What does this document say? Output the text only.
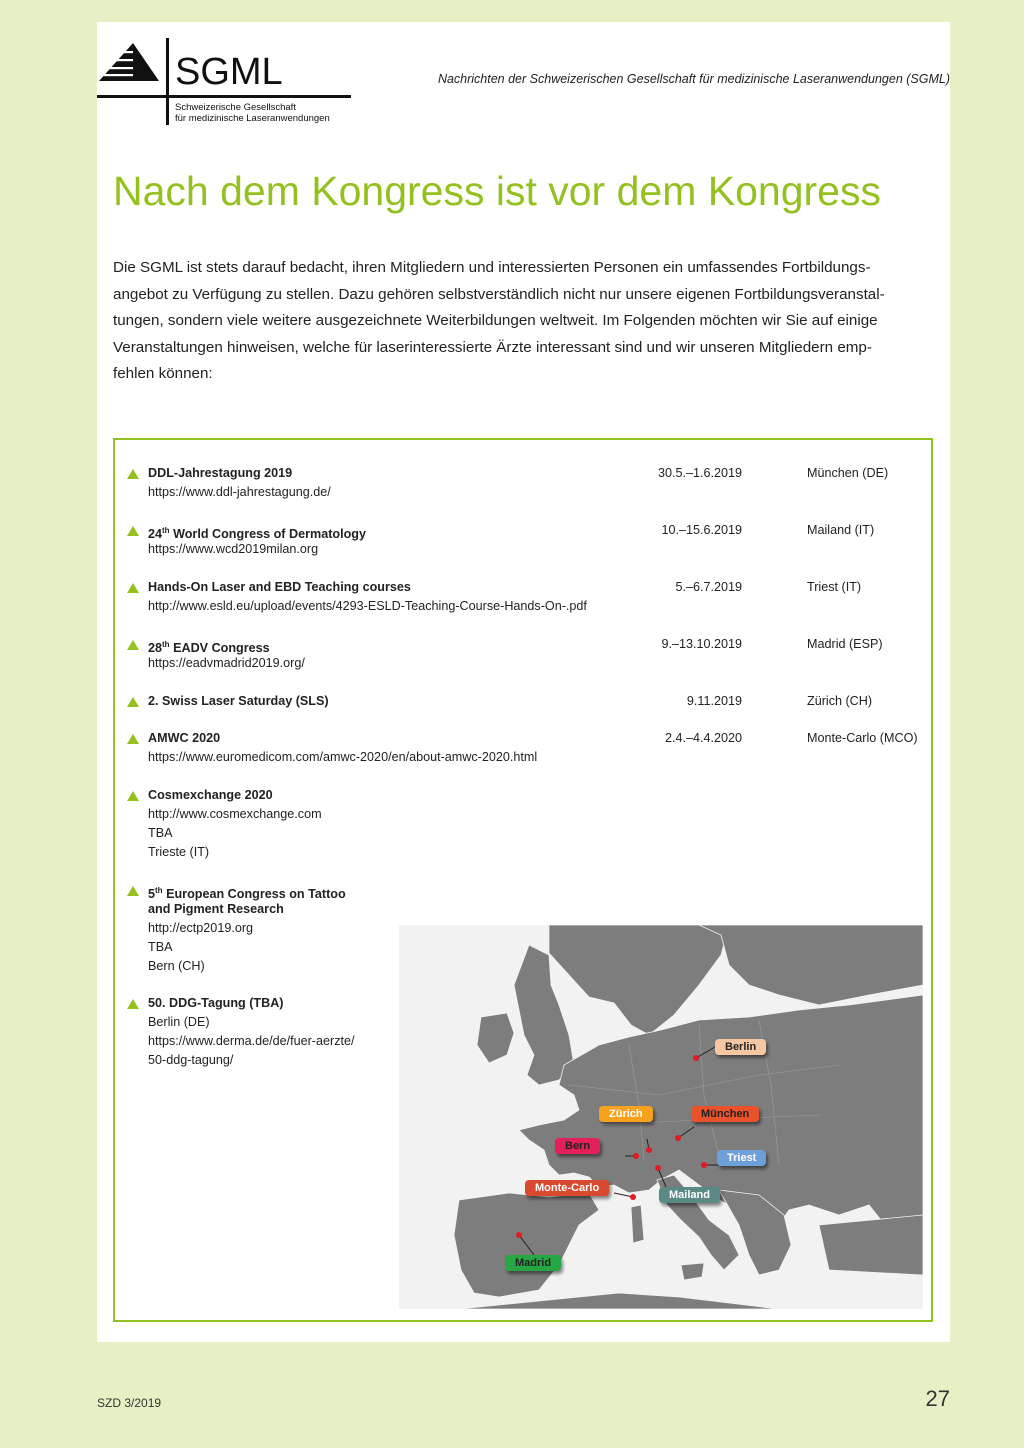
SGML
Schweizerische Gesellschaft
für medizinische Laseranwendungen
Nachrichten der Schweizerischen Gesellschaft für medizinische Laseranwendungen (SGML)
Nach dem Kongress ist vor dem Kongress

Die SGML ist stets darauf bedacht, ihren Mitgliedern und interessierten Personen ein umfassendes Fortbildungs-
angebot zu Verfügung zu stellen. Dazu gehören selbstverständlich nicht nur unsere eigenen Fortbildungsveranstal-
tungen, sondern viele weitere ausgezeichnete Weiterbildungen weltweit. Im Folgenden möchten wir Sie auf einige
Veranstaltungen hinweisen, welche für laserinteressierte Ärzte interessant sind und wir unseren Mitgliedern emp-
fehlen können:

DDL-Jahrestagung 2019
https://www.ddl-jahrestagung.de/
30.5.–1.6.2019	München (DE)
24th World Congress of Dermatology
https://www.wcd2019milan.org
10.–15.6.2019	Mailand (IT)
Hands-On Laser and EBD Teaching courses
http://www.esld.eu/upload/events/4293-ESLD-Teaching-Course-Hands-On-.pdf
5.–6.7.2019	Triest (IT)
28th EADV Congress
https://eadvmadrid2019.org/
9.–13.10.2019	Madrid (ESP)
2. Swiss Laser Saturday (SLS)	9.11.2019	Zürich (CH)
AMWC 2020
https://www.euromedicom.com/amwc-2020/en/about-amwc-2020.html
2.4.–4.4.2020	Monte-Carlo (MCO)
Cosmexchange 2020
http://www.cosmexchange.com
TBA
Trieste (IT)
5th European Congress on Tattoo
and Pigment Research
http://ectp2019.org
TBA
Bern (CH)
50. DDG-Tagung (TBA)
Berlin (DE)
https://www.derma.de/de/fuer-aerzte/
50-ddg-tagung/
Berlin
Zürich	München
Bern
Triest
Monte-Carlo
Mailand
Madrid
SZD 3/2019	27
